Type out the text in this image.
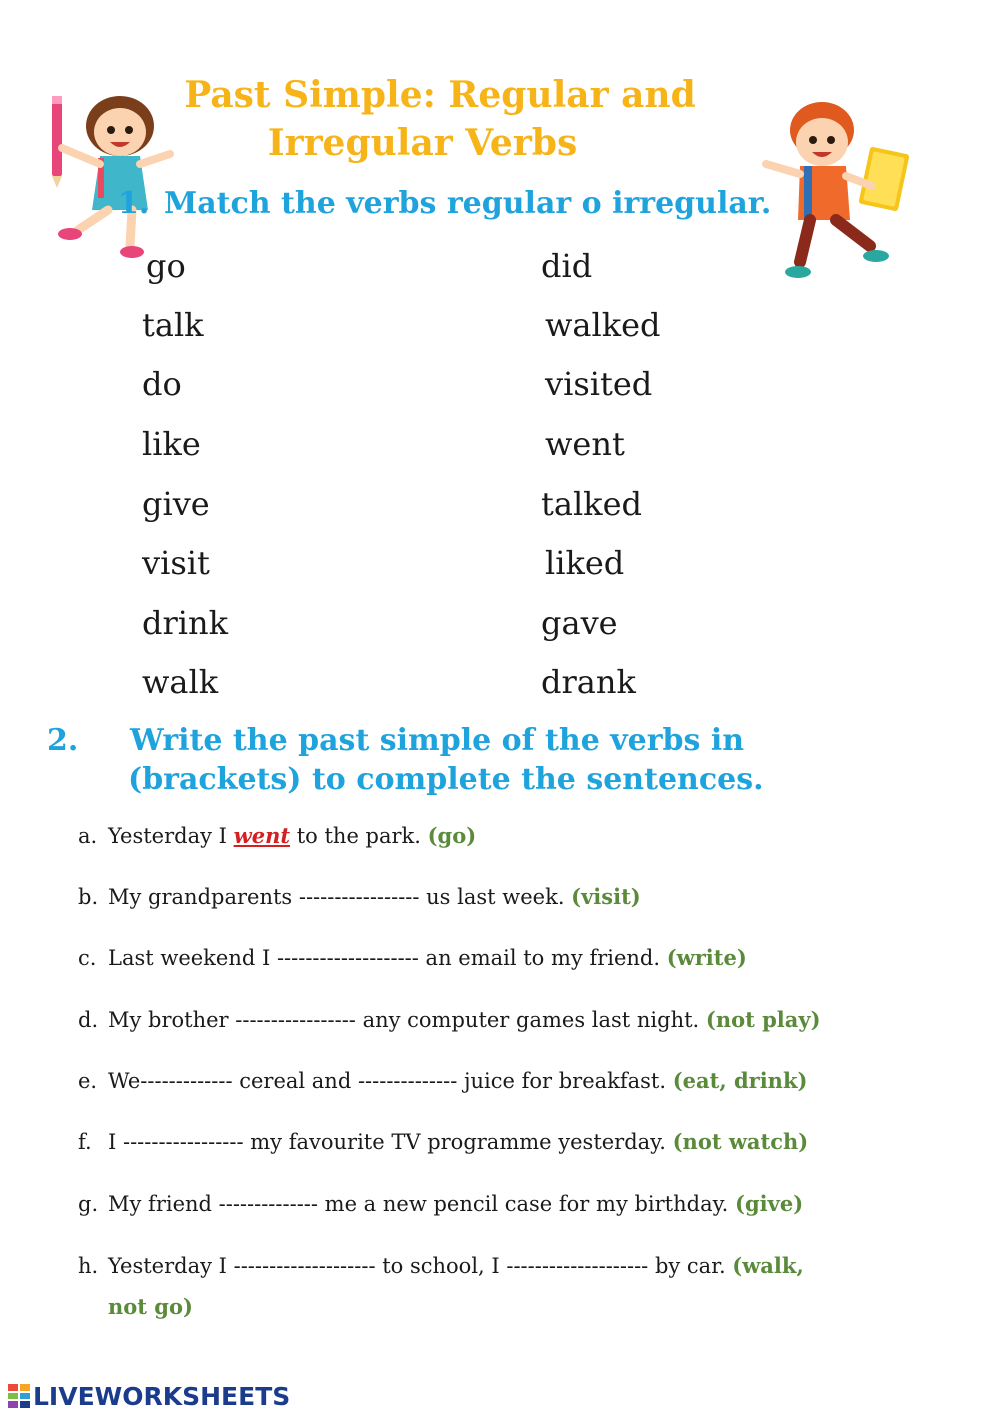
Past Simple: Regular and
Irregular Verbs
1. Match the verbs regular o irregular.
go
talk
do
like
give
visit
drink
walk
did
walked
visited
went
talked
liked
gave
drank
2. Write the past simple of the verbs in
(brackets) to complete the sentences.
a. Yesterday I went to the park. (go)
b. My grandparents ----------------- us last week. (visit)
c. Last weekend I -------------------- an email to my friend. (write)
d. My brother ----------------- any computer games last night. (not play)
e. We------------- cereal and -------------- juice for breakfast. (eat, drink)
f. I ----------------- my favourite TV programme yesterday. (not watch)
g. My friend -------------- me a new pencil case for my birthday. (give)
h. Yesterday I -------------------- to school, I -------------------- by car. (walk,
not go)
LIVEWORKSHEETS
